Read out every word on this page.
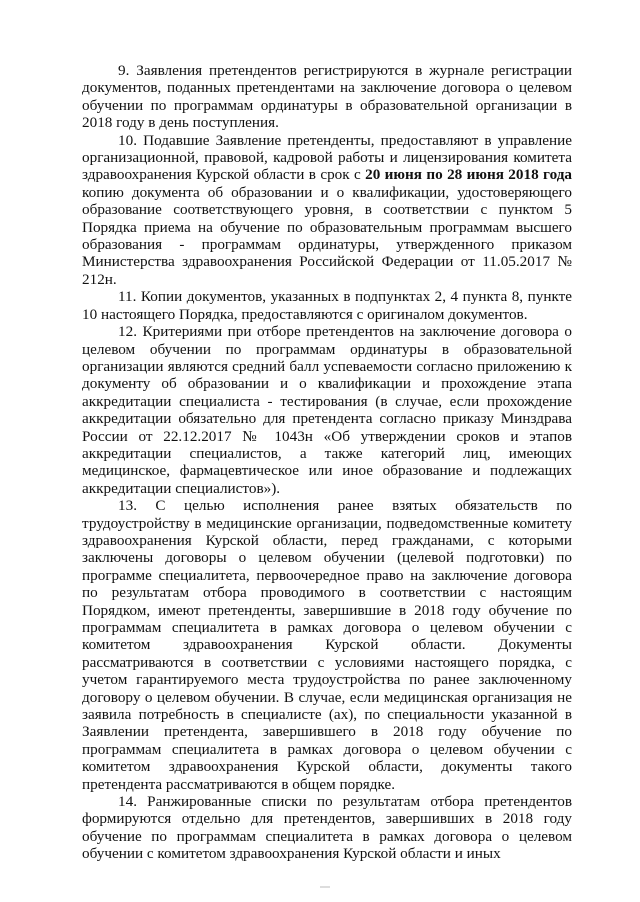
9. Заявления претендентов регистрируются в журнале регистрации документов, поданных претендентами на заключение договора о целевом обучении по программам ординатуры в образовательной организации в 2018 году в день поступления.

10. Подавшие Заявление претенденты, предоставляют в управление организационной, правовой, кадровой работы и лицензирования комитета здравоохранения Курской области в срок с 20 июня по 28 июня 2018 года копию документа об образовании и о квалификации, удостоверяющего образование соответствующего уровня, в соответствии с пунктом 5 Порядка приема на обучение по образовательным программам высшего образования - программам ординатуры, утвержденного приказом Министерства здравоохранения Российской Федерации от 11.05.2017 № 212н.

11. Копии документов, указанных в подпунктах 2, 4 пункта 8, пункте 10 настоящего Порядка, предоставляются с оригиналом документов.

12. Критериями при отборе претендентов на заключение договора о целевом обучении по программам ординатуры в образовательной организации являются средний балл успеваемости согласно приложению к документу об образовании и о квалификации и прохождение этапа аккредитации специалиста - тестирования (в случае, если прохождение аккредитации обязательно для претендента согласно приказу Минздрава России от 22.12.2017 № 1043н «Об утверждении сроков и этапов аккредитации специалистов, а также категорий лиц, имеющих медицинское, фармацевтическое или иное образование и подлежащих аккредитации специалистов»).

13. С целью исполнения ранее взятых обязательств по трудоустройству в медицинские организации, подведомственные комитету здравоохранения Курской области, перед гражданами, с которыми заключены договоры о целевом обучении (целевой подготовки) по программе специалитета, первоочередное право на заключение договора по результатам отбора проводимого в соответствии с настоящим Порядком, имеют претенденты, завершившие в 2018 году обучение по программам специалитета в рамках договора о целевом обучении с комитетом здравоохранения Курской области. Документы рассматриваются в соответствии с условиями настоящего порядка, с учетом гарантируемого места трудоустройства по ранее заключенному договору о целевом обучении. В случае, если медицинская организация не заявила потребность в специалисте (ах), по специальности указанной в Заявлении претендента, завершившего в 2018 году обучение по программам специалитета в рамках договора о целевом обучении с комитетом здравоохранения Курской области, документы такого претендента рассматриваются в общем порядке.

14. Ранжированные списки по результатам отбора претендентов формируются отдельно для претендентов, завершивших в 2018 году обучение по программам специалитета в рамках договора о целевом обучении с комитетом здравоохранения Курской области и иных
